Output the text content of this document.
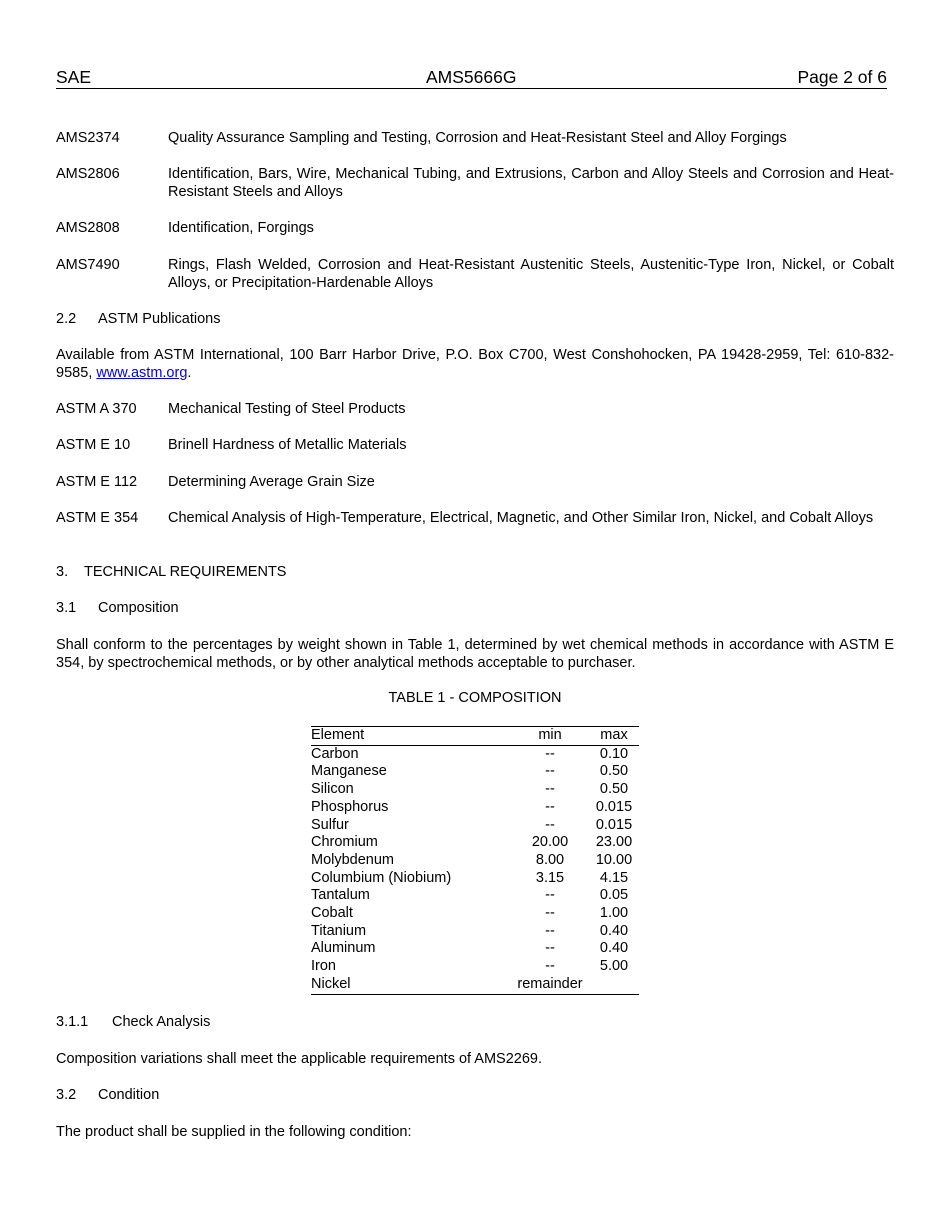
SAE	AMS5666G	Page 2 of 6
AMS2374	Quality Assurance Sampling and Testing, Corrosion and Heat-Resistant Steel and Alloy Forgings
AMS2806	Identification, Bars, Wire, Mechanical Tubing, and Extrusions, Carbon and Alloy Steels and Corrosion and Heat-Resistant Steels and Alloys
AMS2808	Identification, Forgings
AMS7490	Rings, Flash Welded, Corrosion and Heat-Resistant Austenitic Steels, Austenitic-Type Iron, Nickel, or Cobalt Alloys, or Precipitation-Hardenable Alloys
2.2 ASTM Publications
Available from ASTM International, 100 Barr Harbor Drive, P.O. Box C700, West Conshohocken, PA 19428-2959, Tel: 610-832-9585, www.astm.org.
ASTM A 370 Mechanical Testing of Steel Products
ASTM E 10	Brinell Hardness of Metallic Materials
ASTM E 112 Determining Average Grain Size
ASTM E 354 Chemical Analysis of High-Temperature, Electrical, Magnetic, and Other Similar Iron, Nickel, and Cobalt Alloys
3. TECHNICAL REQUIREMENTS
3.1 Composition
Shall conform to the percentages by weight shown in Table 1, determined by wet chemical methods in accordance with ASTM E 354, by spectrochemical methods, or by other analytical methods acceptable to purchaser.
TABLE 1 - COMPOSITION
Element	min	max
Carbon	--	0.10
Manganese	--	0.50
Silicon	--	0.50
Phosphorus	--	0.015
Sulfur	--	0.015
Chromium	20.00	23.00
Molybdenum	8.00	10.00
Columbium (Niobium)	3.15	4.15
Tantalum	--	0.05
Cobalt	--	1.00
Titanium	--	0.40
Aluminum	--	0.40
Iron	--	5.00
Nickel	remainder	
3.1.1 Check Analysis
Composition variations shall meet the applicable requirements of AMS2269.
3.2 Condition
The product shall be supplied in the following condition:
